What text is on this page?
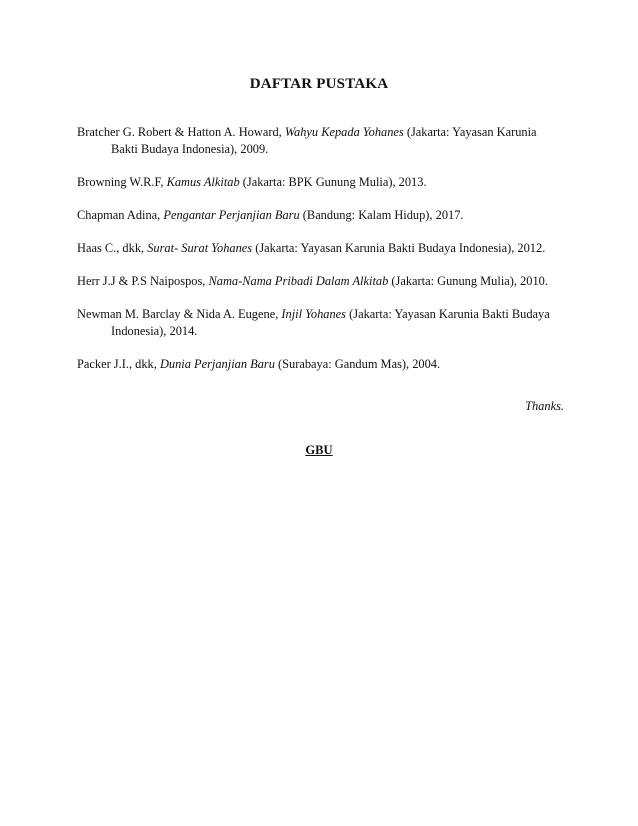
DAFTAR PUSTAKA

Bratcher G. Robert & Hatton A. Howard, Wahyu Kepada Yohanes (Jakarta: Yayasan Karunia Bakti Budaya Indonesia), 2009.

Browning W.R.F, Kamus Alkitab (Jakarta: BPK Gunung Mulia), 2013.

Chapman Adina, Pengantar Perjanjian Baru (Bandung: Kalam Hidup), 2017.

Haas C., dkk, Surat- Surat Yohanes (Jakarta: Yayasan Karunia Bakti Budaya Indonesia), 2012.

Herr J.J & P.S Naipospos, Nama-Nama Pribadi Dalam Alkitab (Jakarta: Gunung Mulia), 2010.

Newman M. Barclay & Nida A. Eugene, Injil Yohanes (Jakarta: Yayasan Karunia Bakti Budaya Indonesia), 2014.

Packer J.I., dkk, Dunia Perjanjian Baru (Surabaya: Gandum Mas), 2004.

Thanks.
GBU
